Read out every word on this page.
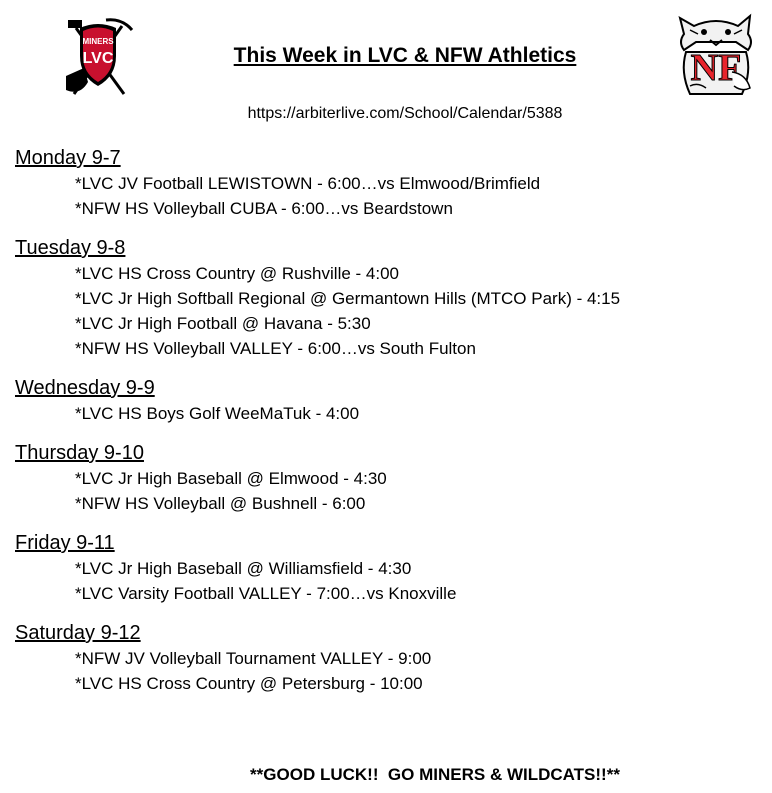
MINERS
LVC	NF
This Week in LVC & NFW Athletics
https://arbiterlive.com/School/Calendar/5388
Monday 9-7
*LVC JV Football LEWISTOWN - 6:00…vs Elmwood/Brimfield
*NFW HS Volleyball CUBA - 6:00…vs Beardstown
Tuesday 9-8
*LVC HS Cross Country @ Rushville - 4:00
*LVC Jr High Softball Regional @ Germantown Hills (MTCO Park) - 4:15
*LVC Jr High Football @ Havana - 5:30
*NFW HS Volleyball VALLEY - 6:00…vs South Fulton
Wednesday 9-9
*LVC HS Boys Golf WeeMaTuk - 4:00
Thursday 9-10
*LVC Jr High Baseball @ Elmwood - 4:30
*NFW HS Volleyball @ Bushnell - 6:00
Friday 9-11
*LVC Jr High Baseball @ Williamsfield - 4:30
*LVC Varsity Football VALLEY - 7:00…vs Knoxville
Saturday 9-12
*NFW JV Volleyball Tournament VALLEY - 9:00
*LVC HS Cross Country @ Petersburg - 10:00
**GOOD LUCK!!  GO MINERS & WILDCATS!!**
